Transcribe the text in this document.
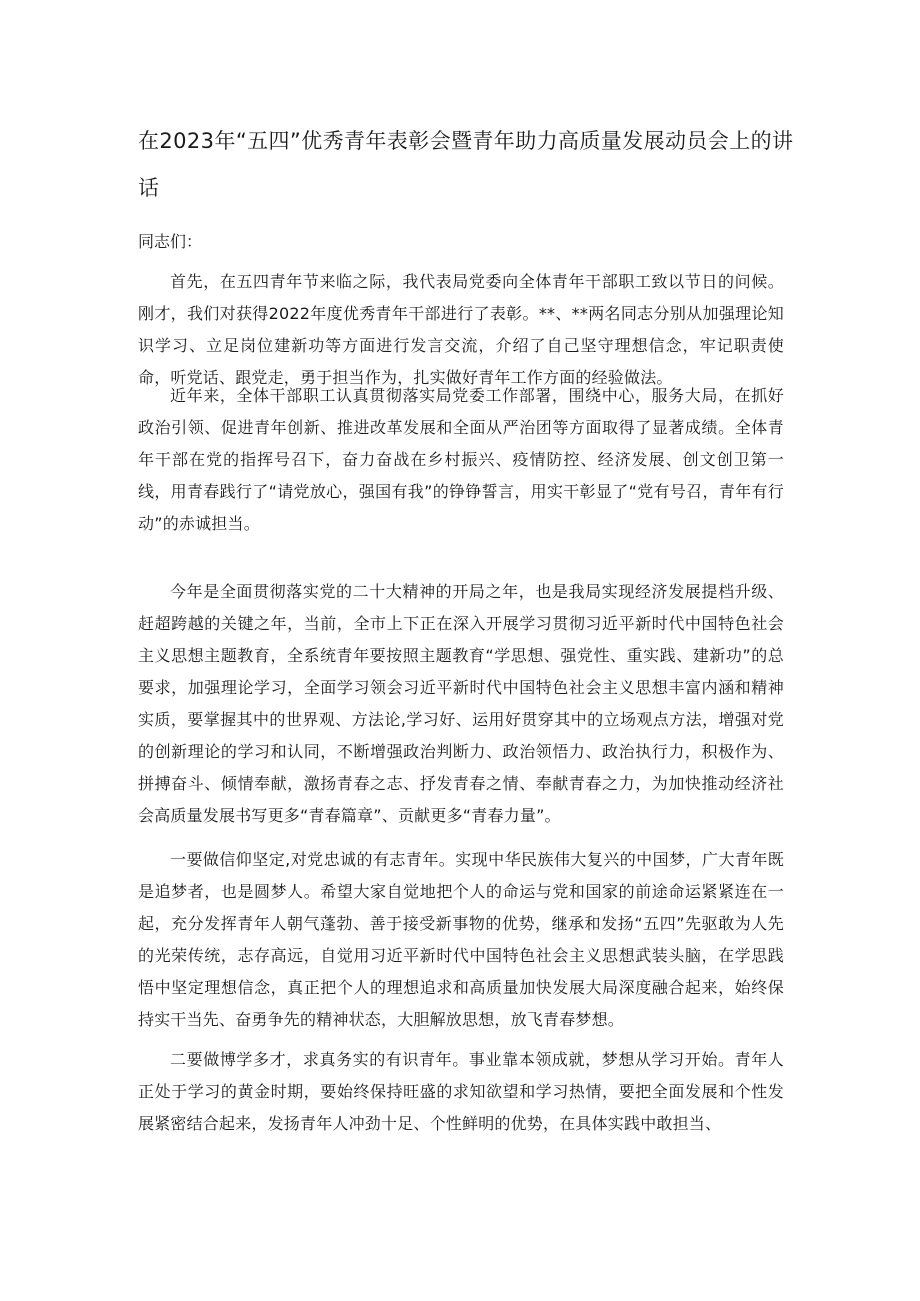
在2023年“五四”优秀青年表彰会暨青年助力高质量发展动员会上的讲话

同志们：

首先，在五四青年节来临之际，我代表局党委向全体青年干部职工致以节日的问候。刚才，我们对获得2022年度优秀青年干部进行了表彰。**、**两名同志分别从加强理论知识学习、立足岗位建新功等方面进行发言交流，介绍了自己坚守理想信念，牢记职责使命，听党话、跟党走，勇于担当作为，扎实做好青年工作方面的经验做法。

近年来，全体干部职工认真贯彻落实局党委工作部署，围绕中心，服务大局，在抓好政治引领、促进青年创新、推进改革发展和全面从严治团等方面取得了显著成绩。全体青年干部在党的指挥号召下，奋力奋战在乡村振兴、疫情防控、经济发展、创文创卫第一线，用青春践行了“请党放心，强国有我”的铮铮誓言，用实干彰显了“党有号召，青年有行动”的赤诚担当。

今年是全面贯彻落实党的二十大精神的开局之年，也是我局实现经济发展提档升级、赶超跨越的关键之年，当前，全市上下正在深入开展学习贯彻习近平新时代中国特色社会主义思想主题教育，全系统青年要按照主题教育“学思想、强党性、重实践、建新功”的总要求，加强理论学习，全面学习领会习近平新时代中国特色社会主义思想丰富内涵和精神实质，要掌握其中的世界观、方法论,学习好、运用好贯穿其中的立场观点方法，增强对党的创新理论的学习和认同，不断增强政治判断力、政治领悟力、政治执行力，积极作为、拼搏奋斗、倾情奉献，激扬青春之志、抒发青春之情、奉献青春之力，为加快推动经济社会高质量发展书写更多“青春篇章”、贡献更多“青春力量”。

一要做信仰坚定,对党忠诚的有志青年。实现中华民族伟大复兴的中国梦，广大青年既是追梦者，也是圆梦人。希望大家自觉地把个人的命运与党和国家的前途命运紧紧连在一起，充分发挥青年人朝气蓬勃、善于接受新事物的优势，继承和发扬“五四”先驱敢为人先的光荣传统，志存高远，自觉用习近平新时代中国特色社会主义思想武装头脑，在学思践悟中坚定理想信念，真正把个人的理想追求和高质量加快发展大局深度融合起来，始终保持实干当先、奋勇争先的精神状态，大胆解放思想，放飞青春梦想。

二要做博学多才，求真务实的有识青年。事业靠本领成就，梦想从学习开始。青年人正处于学习的黄金时期，要始终保持旺盛的求知欲望和学习热情，要把全面发展和个性发展紧密结合起来，发扬青年人冲劲十足、个性鲜明的优势，在具体实践中敢担当、
